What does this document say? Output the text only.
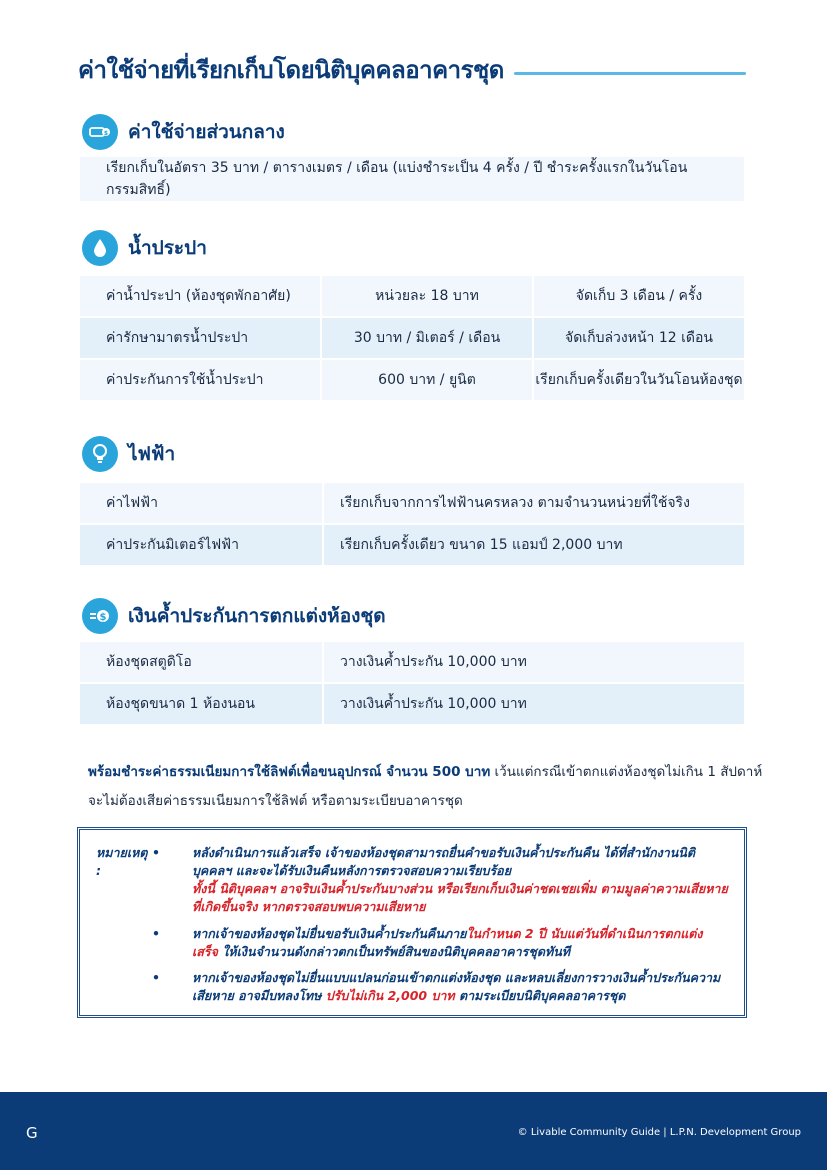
ค่าใช้จ่ายที่เรียกเก็บโดยนิติบุคคลอาคารชุด
$ ค่าใช้จ่ายส่วนกลาง
เรียกเก็บในอัตรา 35 บาท / ตารางเมตร / เดือน (แบ่งชำระเป็น 4 ครั้ง / ปี ชำระครั้งแรกในวันโอนกรรมสิทธิ์)
น้ำประปา
ค่าน้ำประปา (ห้องชุดพักอาศัย)	หน่วยละ 18 บาท	จัดเก็บ 3 เดือน / ครั้ง
ค่ารักษามาตรน้ำประปา	30 บาท / มิเตอร์ / เดือน	จัดเก็บล่วงหน้า 12 เดือน
ค่าประกันการใช้น้ำประปา	600 บาท / ยูนิต	เรียกเก็บครั้งเดียวในวันโอนห้องชุด
ไฟฟ้า
ค่าไฟฟ้า	เรียกเก็บจากการไฟฟ้านครหลวง ตามจำนวนหน่วยที่ใช้จริง
ค่าประกันมิเตอร์ไฟฟ้า	เรียกเก็บครั้งเดียว ขนาด 15 แอมป์ 2,000 บาท
$ เงินค้ำประกันการตกแต่งห้องชุด
ห้องชุดสตูดิโอ	วางเงินค้ำประกัน 10,000 บาท
ห้องชุดขนาด 1 ห้องนอน	วางเงินค้ำประกัน 10,000 บาท
พร้อมชำระค่าธรรมเนียมการใช้ลิฟต์เพื่อขนอุปกรณ์ จำนวน 500 บาท เว้นแต่กรณีเข้าตกแต่งห้องชุดไม่เกิน 1 สัปดาห์
จะไม่ต้องเสียค่าธรรมเนียมการใช้ลิฟต์ หรือตามระเบียบอาคารชุด
หมายเหตุ :
•	หลังดำเนินการแล้วเสร็จ เจ้าของห้องชุดสามารถยื่นคำขอรับเงินค้ำประกันคืน ได้ที่สำนักงานนิติบุคคลฯ และจะได้รับเงินคืนหลังการตรวจสอบความเรียบร้อย
ทั้งนี้ นิติบุคคลฯ อาจริบเงินค้ำประกันบางส่วน หรือเรียกเก็บเงินค่าชดเชยเพิ่ม ตามมูลค่าความเสียหายที่เกิดขึ้นจริง หากตรวจสอบพบความเสียหาย
•	หากเจ้าของห้องชุดไม่ยื่นขอรับเงินค้ำประกันคืนภายในกำหนด 2 ปี นับแต่วันที่ดำเนินการตกแต่งเสร็จ ให้เงินจำนวนดังกล่าวตกเป็นทรัพย์สินของนิติบุคคลอาคารชุดทันที
•	หากเจ้าของห้องชุดไม่ยื่นแบบแปลนก่อนเข้าตกแต่งห้องชุด และหลบเลี่ยงการวางเงินค้ำประกันความเสียหาย อาจมีบทลงโทษ ปรับไม่เกิน 2,000 บาท ตามระเบียบนิติบุคคลอาคารชุด
G	© Livable Community Guide | L.P.N. Development Group
